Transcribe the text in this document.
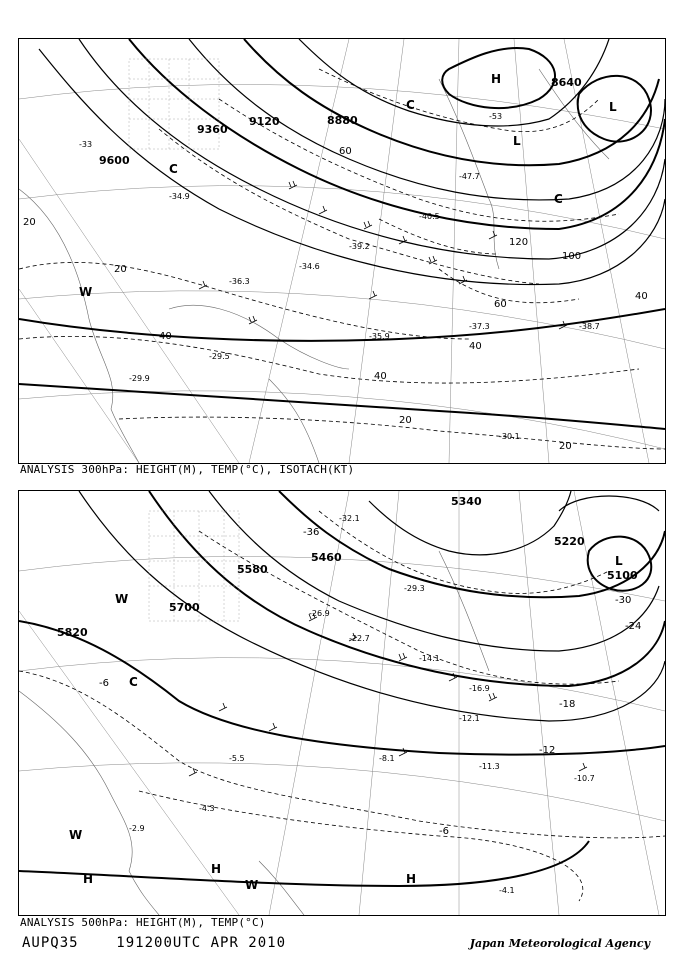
-33
-34.9
-36.3
-34.6
-39.2
-40.5
-47.7
-53
-35.9
-37.3	-38.7
-30.1
-29.5
-29.9
9600
9360
9120	8880
8640
20
20
20
20
40
40
40
40
60
60
100
120
H
L
L
C
C
C
W
ANALYSIS 300hPa: HEIGHT(M), TEMP(°C), ISOTACH(KT)
-32.1
-29.3
-26.9
-22.7
-14.1
-16.9
-12.1
-11.3
-10.7
-8.1
-5.5
-4.3
-2.9
-4.1
5820
5700
5580
5460
5340
5220
5100
-6
-6
-12
-18
-24
-30
-36
H
H
H
L
W
W
W
C
ANALYSIS 500hPa: HEIGHT(M), TEMP(°C)
AUPQ35	191200UTC APR 2010	Japan Meteorological Agency
